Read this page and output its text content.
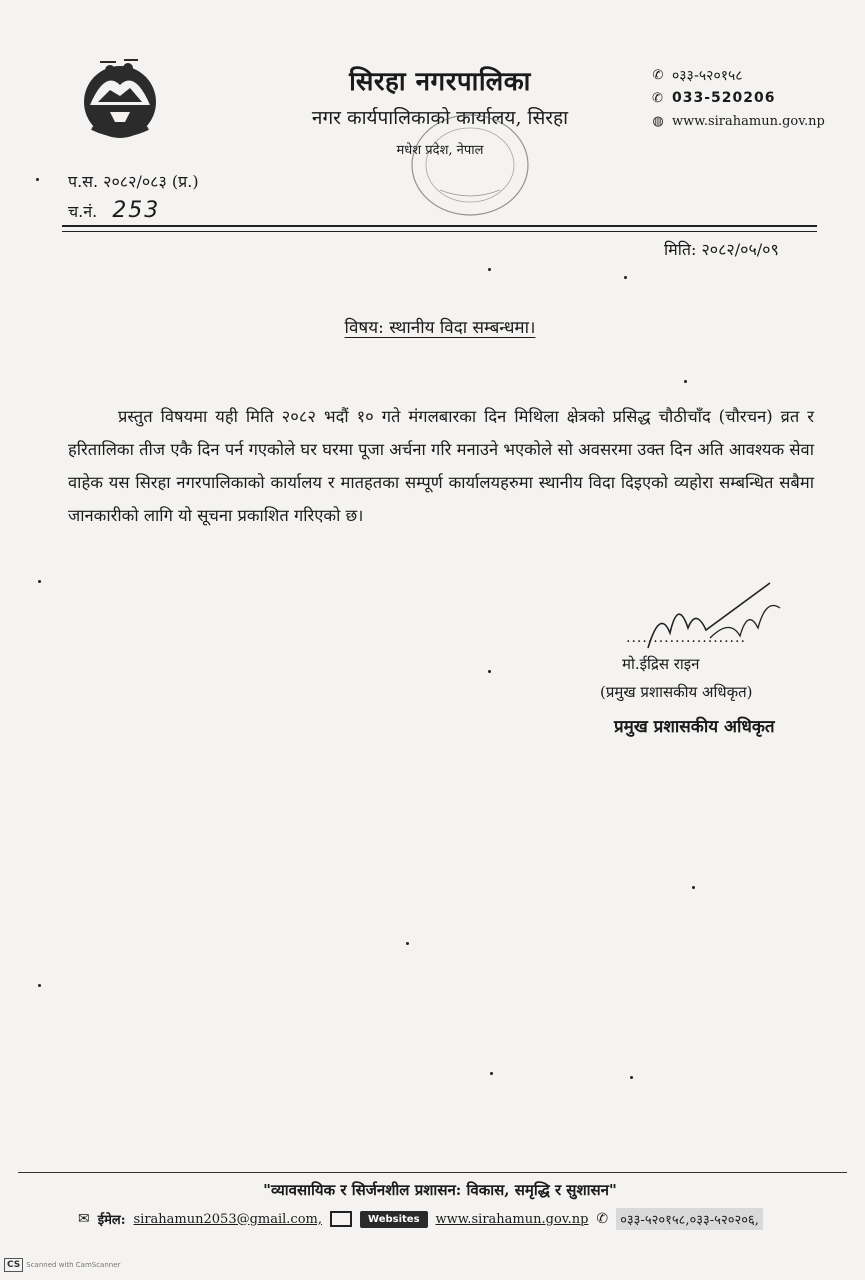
सिरहा नगरपालिका
नगर कार्यपालिकाको कार्यालय, सिरहा
मधेश प्रदेश, नेपाल
✆ ०३३-५२०१५८
✆ 033-520206
◍ www.sirahamun.gov.np
प.स. २०८२/०८३ (प्र.)
च.नं. 253
मिति: २०८२/०५/०९
विषय: स्थानीय विदा सम्बन्धमा।
प्रस्तुत विषयमा यही मिति २०८२ भदौं १० गते मंगलबारका दिन मिथिला क्षेत्रको प्रसिद्ध चौठीचाँद (चौरचन) व्रत र हरितालिका तीज एकै दिन पर्न गएकोले घर घरमा पूजा अर्चना गरि मनाउने भएकोले सो अवसरमा उक्त दिन अति आवश्यक सेवा वाहेक यस सिरहा नगरपालिकाको कार्यालय र मातहतका सम्पूर्ण कार्यालयहरुमा स्थानीय विदा दिइएको व्यहोरा सम्बन्धित सबैमा जानकारीको लागि यो सूचना प्रकाशित गरिएको छ।
......................
मो.ईद्रिस राइन
(प्रमुख प्रशासकीय अधिकृत)
प्रमुख प्रशासकीय अधिकृत
"व्यावसायिक र सिर्जनशील प्रशासन: विकास, समृद्धि र सुशासन"
✉ ईमेल: sirahamun2053@gmail.com,	Websites	www.sirahamun.gov.np ✆ ०३३-५२०१५८,०३३-५२०२०६,
CS Scanned with CamScanner
